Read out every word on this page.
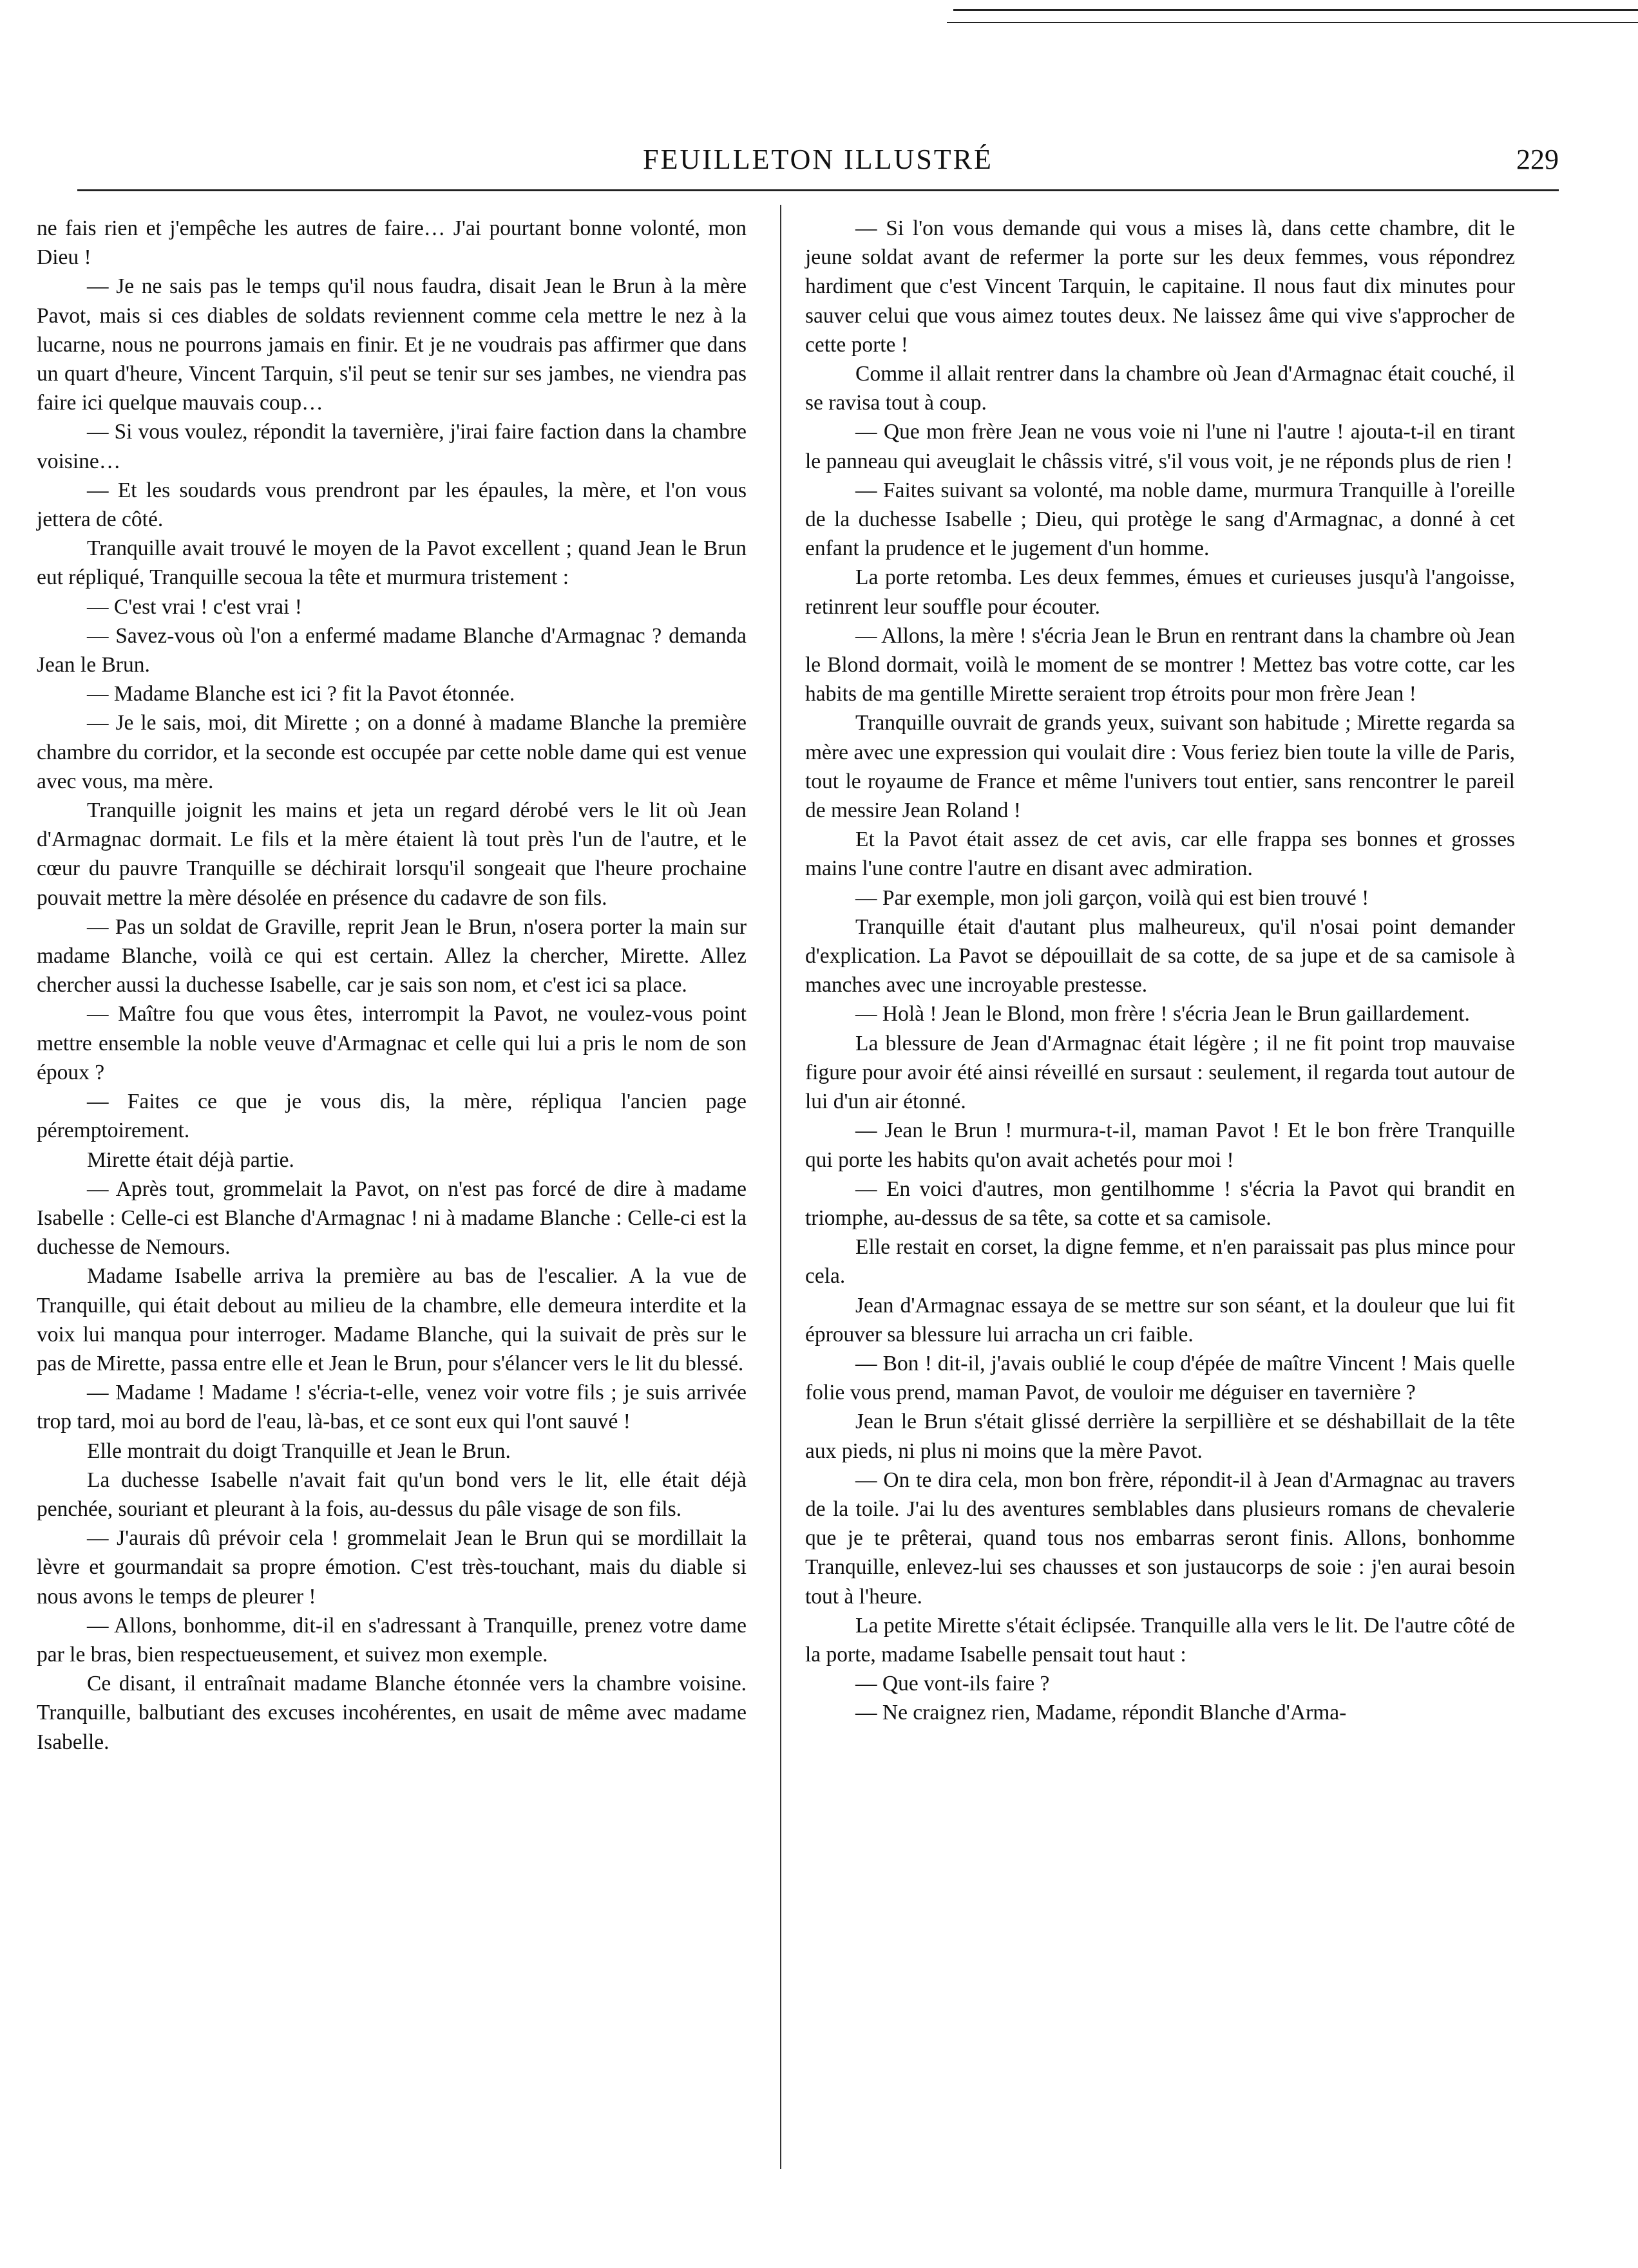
FEUILLETON ILLUSTRÉ	229

ne fais rien et j'empêche les autres de faire… J'ai pourtant bonne volonté, mon Dieu !

— Je ne sais pas le temps qu'il nous faudra, disait Jean le Brun à la mère Pavot, mais si ces diables de soldats reviennent comme cela mettre le nez à la lucarne, nous ne pourrons jamais en finir. Et je ne voudrais pas affirmer que dans un quart d'heure, Vincent Tarquin, s'il peut se tenir sur ses jambes, ne viendra pas faire ici quelque mauvais coup…

— Si vous voulez, répondit la tavernière, j'irai faire faction dans la chambre voisine…

— Et les soudards vous prendront par les épaules, la mère, et l'on vous jettera de côté.

Tranquille avait trouvé le moyen de la Pavot excellent ; quand Jean le Brun eut répliqué, Tranquille secoua la tête et murmura tristement :

— C'est vrai ! c'est vrai !

— Savez-vous où l'on a enfermé madame Blanche d'Armagnac ? demanda Jean le Brun.

— Madame Blanche est ici ? fit la Pavot étonnée.

— Je le sais, moi, dit Mirette ; on a donné à madame Blanche la première chambre du corridor, et la seconde est occupée par cette noble dame qui est venue avec vous, ma mère.

Tranquille joignit les mains et jeta un regard dérobé vers le lit où Jean d'Armagnac dormait. Le fils et la mère étaient là tout près l'un de l'autre, et le cœur du pauvre Tranquille se déchirait lorsqu'il songeait que l'heure prochaine pouvait mettre la mère désolée en présence du cadavre de son fils.

— Pas un soldat de Graville, reprit Jean le Brun, n'osera porter la main sur madame Blanche, voilà ce qui est certain. Allez la chercher, Mirette. Allez chercher aussi la duchesse Isabelle, car je sais son nom, et c'est ici sa place.

— Maître fou que vous êtes, interrompit la Pavot, ne voulez-vous point mettre ensemble la noble veuve d'Armagnac et celle qui lui a pris le nom de son époux ?

— Faites ce que je vous dis, la mère, répliqua l'ancien page péremptoirement.

Mirette était déjà partie.

— Après tout, grommelait la Pavot, on n'est pas forcé de dire à madame Isabelle : Celle-ci est Blanche d'Armagnac ! ni à madame Blanche : Celle-ci est la duchesse de Nemours.

Madame Isabelle arriva la première au bas de l'escalier. A la vue de Tranquille, qui était debout au milieu de la chambre, elle demeura interdite et la voix lui manqua pour interroger. Madame Blanche, qui la suivait de près sur le pas de Mirette, passa entre elle et Jean le Brun, pour s'élancer vers le lit du blessé.

— Madame ! Madame ! s'écria-t-elle, venez voir votre fils ; je suis arrivée trop tard, moi au bord de l'eau, là-bas, et ce sont eux qui l'ont sauvé !

Elle montrait du doigt Tranquille et Jean le Brun.

La duchesse Isabelle n'avait fait qu'un bond vers le lit, elle était déjà penchée, souriant et pleurant à la fois, au-dessus du pâle visage de son fils.

— J'aurais dû prévoir cela ! grommelait Jean le Brun qui se mordillait la lèvre et gourmandait sa propre émotion. C'est très-touchant, mais du diable si nous avons le temps de pleurer !

— Allons, bonhomme, dit-il en s'adressant à Tranquille, prenez votre dame par le bras, bien respectueusement, et suivez mon exemple.

Ce disant, il entraînait madame Blanche étonnée vers la chambre voisine. Tranquille, balbutiant des excuses incohérentes, en usait de même avec madame Isabelle.

— Si l'on vous demande qui vous a mises là, dans cette chambre, dit le jeune soldat avant de refermer la porte sur les deux femmes, vous répondrez hardiment que c'est Vincent Tarquin, le capitaine. Il nous faut dix minutes pour sauver celui que vous aimez toutes deux. Ne laissez âme qui vive s'approcher de cette porte !

Comme il allait rentrer dans la chambre où Jean d'Armagnac était couché, il se ravisa tout à coup.

— Que mon frère Jean ne vous voie ni l'une ni l'autre ! ajouta-t-il en tirant le panneau qui aveuglait le châssis vitré, s'il vous voit, je ne réponds plus de rien !

— Faites suivant sa volonté, ma noble dame, murmura Tranquille à l'oreille de la duchesse Isabelle ; Dieu, qui protège le sang d'Armagnac, a donné à cet enfant la prudence et le jugement d'un homme.

La porte retomba. Les deux femmes, émues et curieuses jusqu'à l'angoisse, retinrent leur souffle pour écouter.

— Allons, la mère ! s'écria Jean le Brun en rentrant dans la chambre où Jean le Blond dormait, voilà le moment de se montrer ! Mettez bas votre cotte, car les habits de ma gentille Mirette seraient trop étroits pour mon frère Jean !

Tranquille ouvrait de grands yeux, suivant son habitude ; Mirette regarda sa mère avec une expression qui voulait dire : Vous feriez bien toute la ville de Paris, tout le royaume de France et même l'univers tout entier, sans rencontrer le pareil de messire Jean Roland !

Et la Pavot était assez de cet avis, car elle frappa ses bonnes et grosses mains l'une contre l'autre en disant avec admiration.

— Par exemple, mon joli garçon, voilà qui est bien trouvé !

Tranquille était d'autant plus malheureux, qu'il n'osai point demander d'explication. La Pavot se dépouillait de sa cotte, de sa jupe et de sa camisole à manches avec une incroyable prestesse.

— Holà ! Jean le Blond, mon frère ! s'écria Jean le Brun gaillardement.

La blessure de Jean d'Armagnac était légère ; il ne fit point trop mauvaise figure pour avoir été ainsi réveillé en sursaut : seulement, il regarda tout autour de lui d'un air étonné.

— Jean le Brun ! murmura-t-il, maman Pavot ! Et le bon frère Tranquille qui porte les habits qu'on avait achetés pour moi !

— En voici d'autres, mon gentilhomme ! s'écria la Pavot qui brandit en triomphe, au-dessus de sa tête, sa cotte et sa camisole.

Elle restait en corset, la digne femme, et n'en paraissait pas plus mince pour cela.

Jean d'Armagnac essaya de se mettre sur son séant, et la douleur que lui fit éprouver sa blessure lui arracha un cri faible.

— Bon ! dit-il, j'avais oublié le coup d'épée de maître Vincent ! Mais quelle folie vous prend, maman Pavot, de vouloir me déguiser en tavernière ?

Jean le Brun s'était glissé derrière la serpillière et se déshabillait de la tête aux pieds, ni plus ni moins que la mère Pavot.

— On te dira cela, mon bon frère, répondit-il à Jean d'Armagnac au travers de la toile. J'ai lu des aventures semblables dans plusieurs romans de chevalerie que je te prêterai, quand tous nos embarras seront finis. Allons, bonhomme Tranquille, enlevez-lui ses chausses et son justaucorps de soie : j'en aurai besoin tout à l'heure.

La petite Mirette s'était éclipsée. Tranquille alla vers le lit. De l'autre côté de la porte, madame Isabelle pensait tout haut :

— Que vont-ils faire ?

— Ne craignez rien, Madame, répondit Blanche d'Arma-
